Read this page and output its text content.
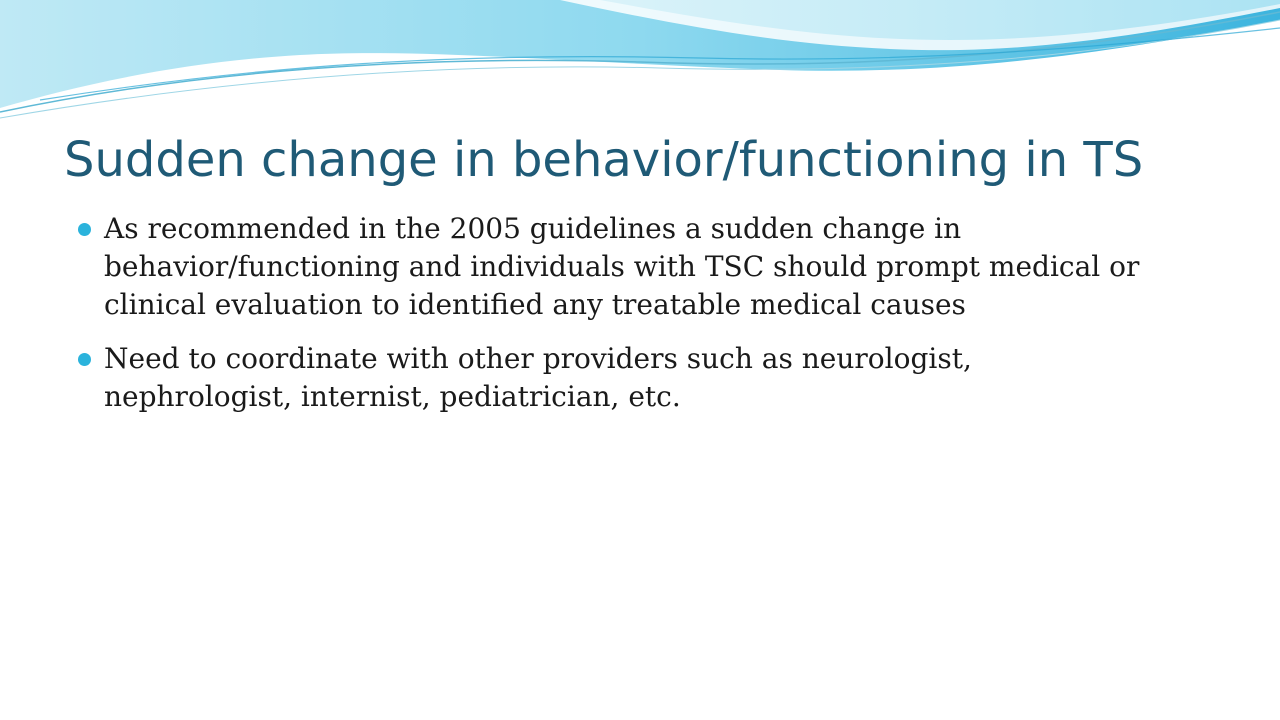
Sudden change in behavior/functioning in TS
As recommended in the 2005 guidelines a sudden change in behavior/functioning and individuals with TSC should prompt medical or clinical evaluation to identified any treatable medical causes
Need to coordinate with other providers such as neurologist, nephrologist, internist, pediatrician, etc.
